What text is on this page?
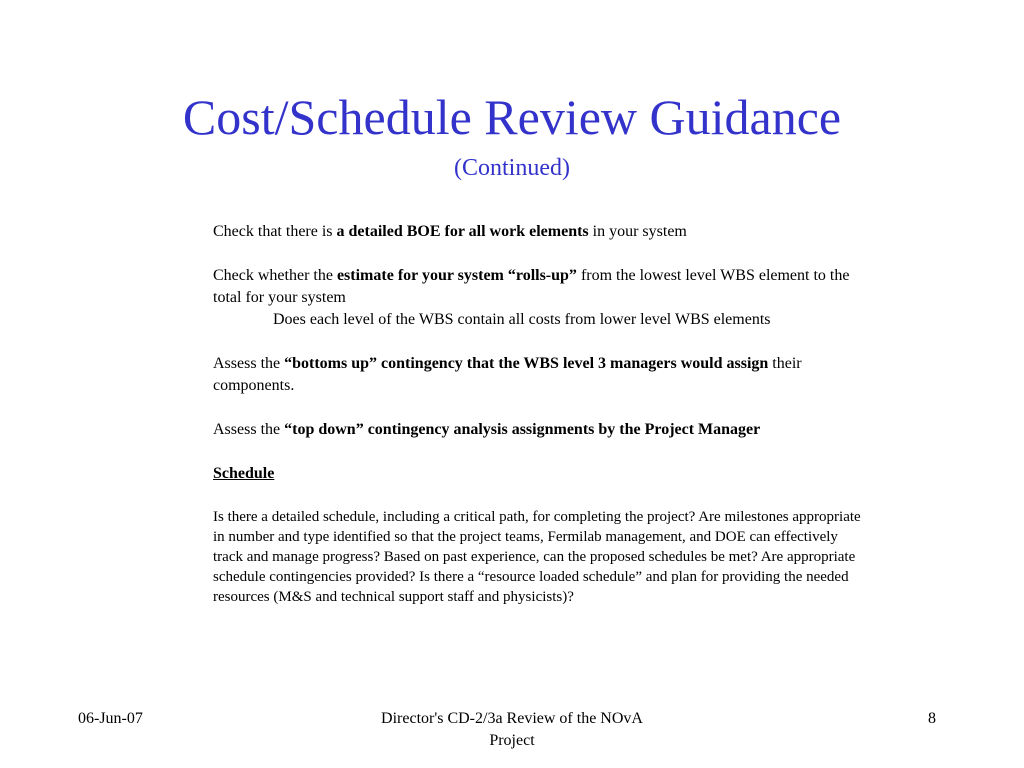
Cost/Schedule Review Guidance
(Continued)

Check that there is a detailed BOE for all work elements in your system

Check whether the estimate for your system “rolls-up” from the lowest level WBS element to the total for your system

Does each level of the WBS contain all costs from lower level WBS elements

Assess the “bottoms up” contingency that the WBS level 3 managers would assign their components.

Assess the “top down” contingency analysis assignments by the Project Manager

Schedule

Is there a detailed schedule, including a critical path, for completing the project? Are milestones appropriate in number and type identified so that the project teams, Fermilab management, and DOE can effectively track and manage progress? Based on past experience, can the proposed schedules be met? Are appropriate schedule contingencies provided? Is there a “resource loaded schedule” and plan for providing the needed resources (M&S and technical support staff and physicists)?

06-Jun-07	Director's CD-2/3a Review of the NOvA Project
8
